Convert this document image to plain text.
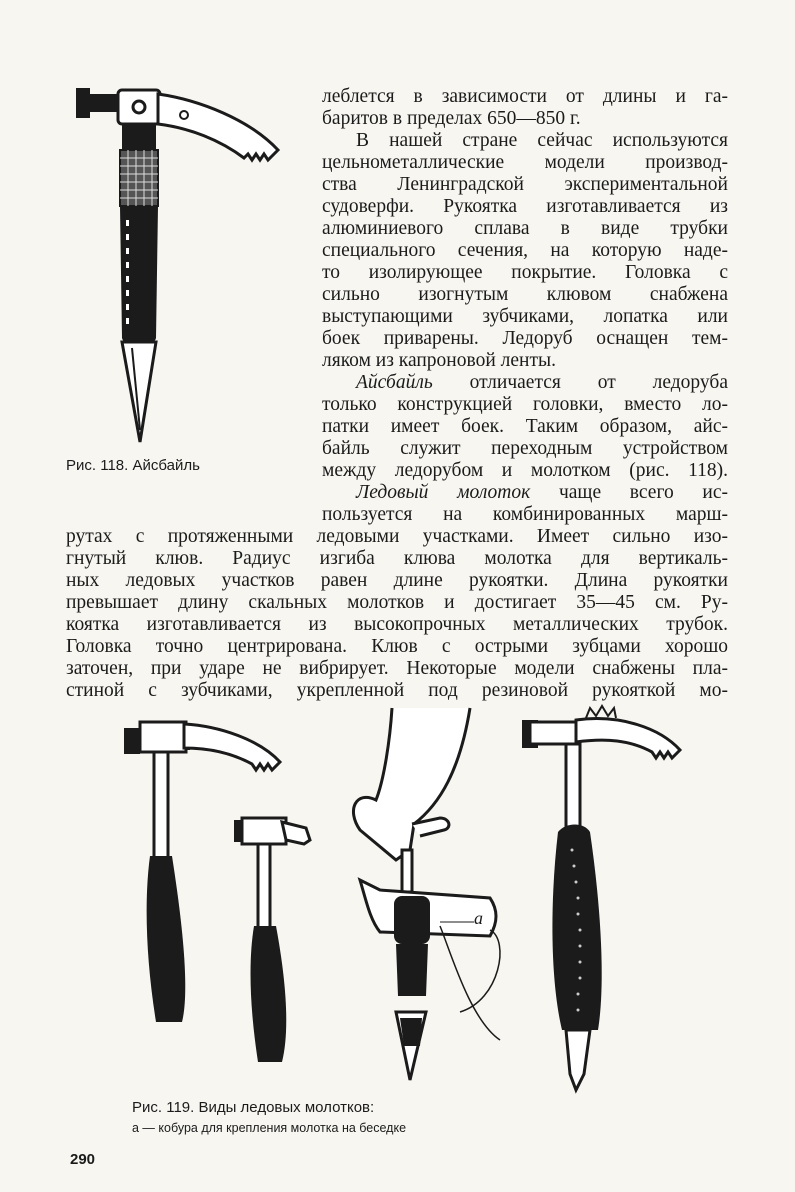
Рис. 118. Айсбайль
леблется в зависимости от длины и га-
баритов в пределах 650—850 г.
В нашей стране сейчас используются
цельнометаллические модели производ-
ства Ленинградской экспериментальной
судоверфи. Рукоятка изготавливается из
алюминиевого сплава в виде трубки
специального сечения, на которую наде-
то изолирующее покрытие. Головка с
сильно изогнутым клювом снабжена
выступающими зубчиками, лопатка или
боек приварены. Ледоруб оснащен тем-
ляком из капроновой ленты.
Айсбайль отличается от ледоруба
только конструкцией головки, вместо ло-
патки имеет боек. Таким образом, айс-
байль служит переходным устройством
между ледорубом и молотком (рис. 118).
Ледовый молоток чаще всего ис-
пользуется на комбинированных марш-
рутах с протяженными ледовыми участками. Имеет сильно изо-
гнутый клюв. Радиус изгиба клюва молотка для вертикаль-
ных ледовых участков равен длине рукоятки. Длина рукоятки
превышает длину скальных молотков и достигает 35—45 см. Ру-
коятка изготавливается из высокопрочных металлических трубок.
Головка точно центрирована. Клюв с острыми зубцами хорошо
заточен, при ударе не вибрирует. Некоторые модели снабжены пла-
стиной с зубчиками, укрепленной под резиновой рукояткой мо-
а
Рис. 119. Виды ледовых молотков:
а — кобура для крепления молотка на беседке
290
